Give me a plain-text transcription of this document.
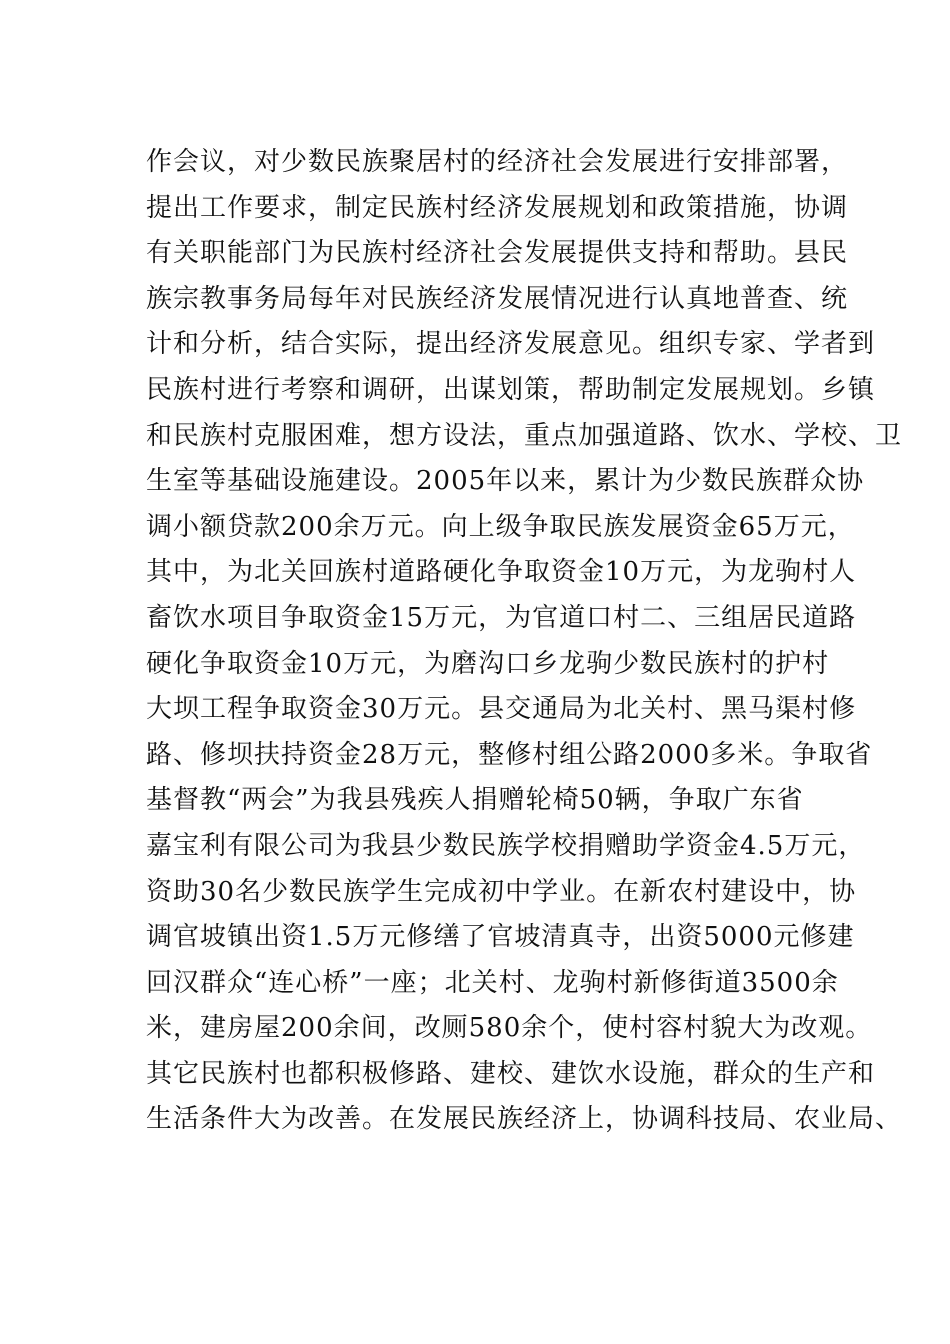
作会议，对少数民族聚居村的经济社会发展进行安排部署，
提出工作要求，制定民族村经济发展规划和政策措施，协调
有关职能部门为民族村经济社会发展提供支持和帮助。县民
族宗教事务局每年对民族经济发展情况进行认真地普查、统
计和分析，结合实际，提出经济发展意见。组织专家、学者到
民族村进行考察和调研，出谋划策，帮助制定发展规划。乡镇
和民族村克服困难，想方设法，重点加强道路、饮水、学校、卫
生室等基础设施建设。2005年以来，累计为少数民族群众协
调小额贷款200余万元。向上级争取民族发展资金65万元，
其中，为北关回族村道路硬化争取资金10万元，为龙驹村人
畜饮水项目争取资金15万元，为官道口村二、三组居民道路
硬化争取资金10万元，为磨沟口乡龙驹少数民族村的护村
大坝工程争取资金30万元。县交通局为北关村、黑马渠村修
路、修坝扶持资金28万元，整修村组公路2000多米。争取省
基督教“两会”为我县残疾人捐赠轮椅50辆，争取广东省
嘉宝利有限公司为我县少数民族学校捐赠助学资金4.5万元，
资助30名少数民族学生完成初中学业。在新农村建设中，协
调官坡镇出资1.5万元修缮了官坡清真寺，出资5000元修建
回汉群众“连心桥”一座；北关村、龙驹村新修街道3500余
米，建房屋200余间，改厕580余个，使村容村貌大为改观。
其它民族村也都积极修路、建校、建饮水设施，群众的生产和
生活条件大为改善。在发展民族经济上，协调科技局、农业局、
